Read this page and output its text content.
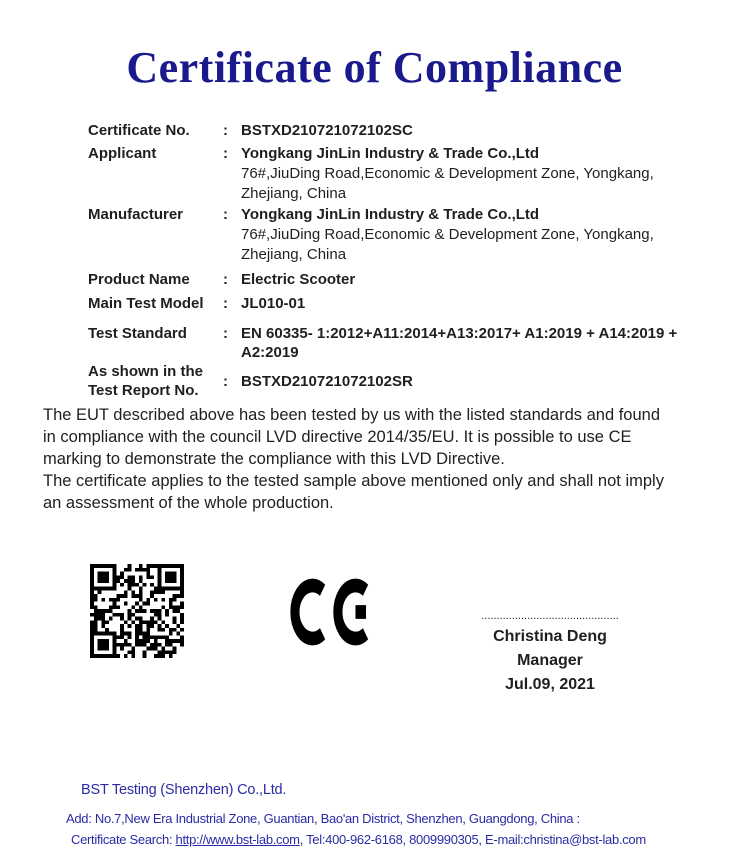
Certificate of Compliance
Certificate No.	: BSTXD210721072102SC
Applicant	: Yongkang JinLin Industry & Trade Co.,Ltd
76#,JiuDing Road,Economic & Development Zone, Yongkang,
Zhejiang, China
Manufacturer	: Yongkang JinLin Industry & Trade Co.,Ltd
76#,JiuDing Road,Economic & Development Zone, Yongkang,
Zhejiang, China
Product Name	: Electric Scooter
Main Test Model	: JL010-01
Test Standard	: EN 60335- 1:2012+A11:2014+A13:2017+ A1:2019 + A14:2019 + A2:2019
As shown in the Test Report No.
: BSTXD210721072102SR
The EUT described above has been tested by us with the listed standards and found
in compliance with the council LVD directive 2014/35/EU. It is possible to use CE
marking to demonstrate the compliance with this LVD Directive.
The certificate applies to the tested sample above mentioned only and shall not imply
an assessment of the whole production.
.............................................
Christina Deng
Manager
Jul.09, 2021
BST Testing (Shenzhen) Co.,Ltd.
Add: No.7,New Era Industrial Zone, Guantian, Bao'an District, Shenzhen, Guangdong, China :
Certificate Search: http://www.bst-lab.com, Tel:400-962-6168, 8009990305, E-mail:christina@bst-lab.com
